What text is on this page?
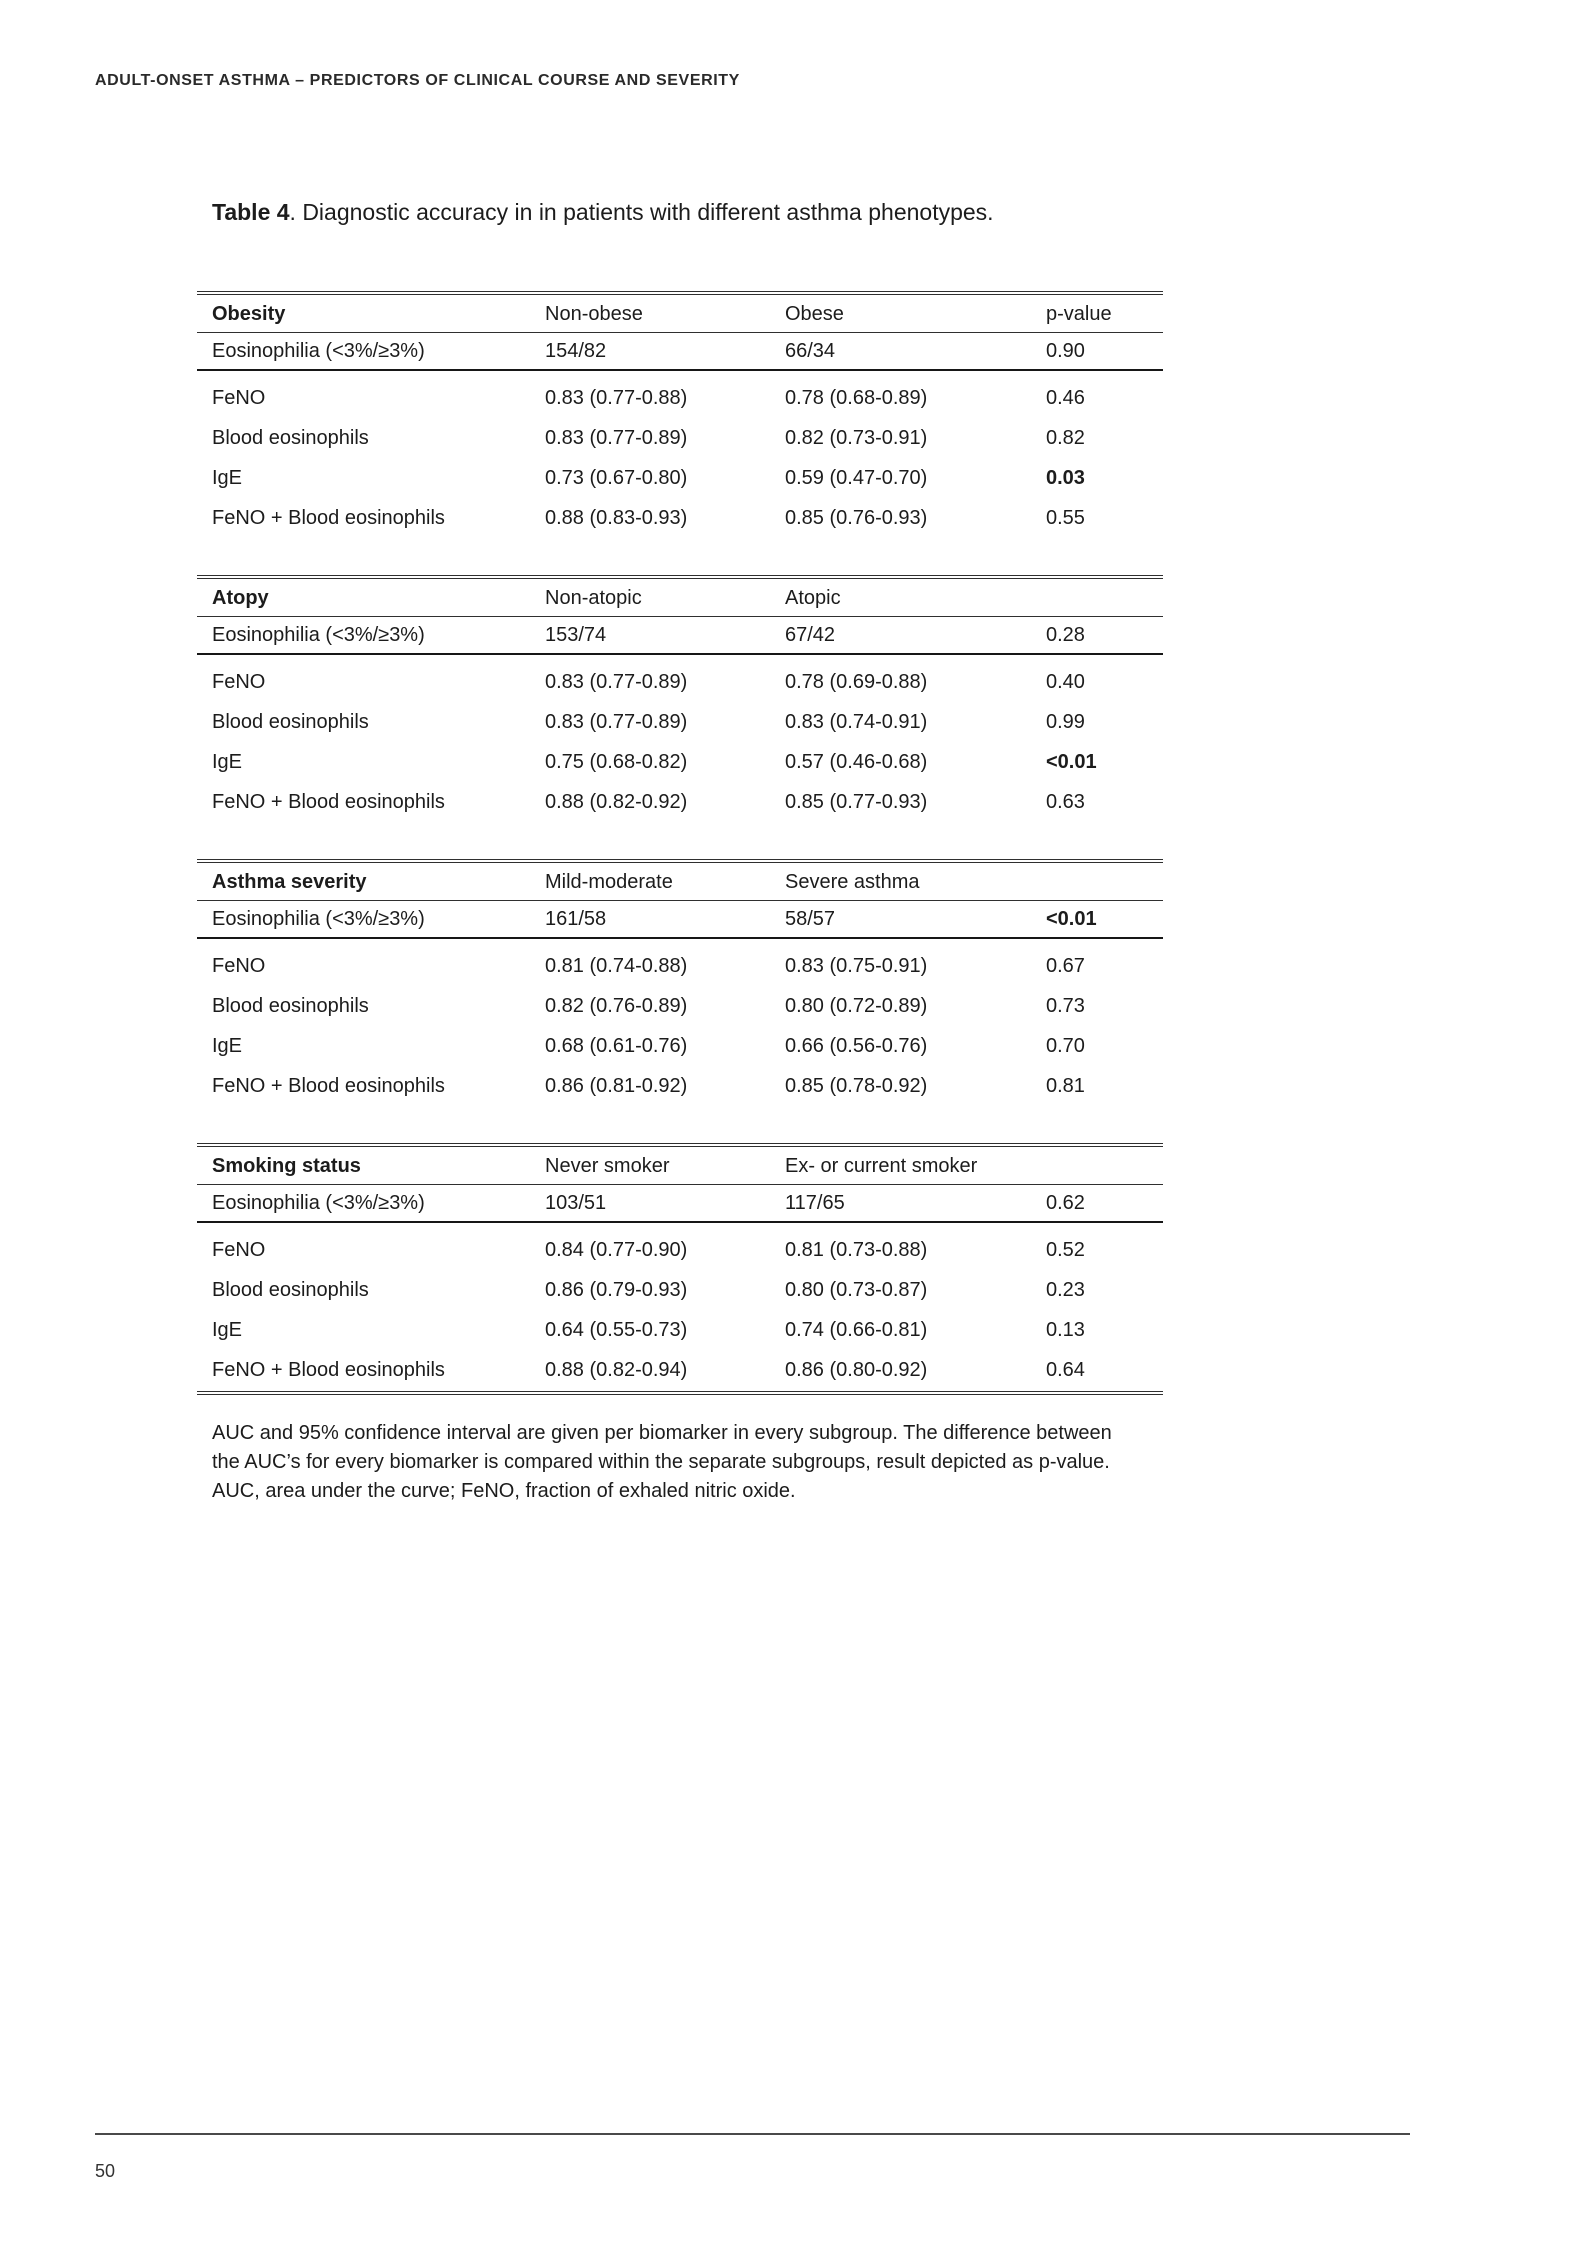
ADULT-ONSET ASTHMA – PREDICTORS OF CLINICAL COURSE AND SEVERITY
Table 4. Diagnostic accuracy in in patients with different asthma phenotypes.
Obesity	Non-obese	Obese	p-value
Eosinophilia (<3%/≥3%)	154/82	66/34	0.90
FeNO	0.83 (0.77-0.88)	0.78 (0.68-0.89)	0.46
Blood eosinophils	0.83 (0.77-0.89)	0.82 (0.73-0.91)	0.82
IgE	0.73 (0.67-0.80)	0.59 (0.47-0.70)	0.03
FeNO + Blood eosinophils	0.88 (0.83-0.93)	0.85 (0.76-0.93)	0.55
Atopy	Non-atopic	Atopic
Eosinophilia (<3%/≥3%)	153/74	67/42	0.28
FeNO	0.83 (0.77-0.89)	0.78 (0.69-0.88)	0.40
Blood eosinophils	0.83 (0.77-0.89)	0.83 (0.74-0.91)	0.99
IgE	0.75 (0.68-0.82)	0.57 (0.46-0.68)	<0.01
FeNO + Blood eosinophils	0.88 (0.82-0.92)	0.85 (0.77-0.93)	0.63
Asthma severity	Mild-moderate	Severe asthma
Eosinophilia (<3%/≥3%)	161/58	58/57	<0.01
FeNO	0.81 (0.74-0.88)	0.83 (0.75-0.91)	0.67
Blood eosinophils	0.82 (0.76-0.89)	0.80 (0.72-0.89)	0.73
IgE	0.68 (0.61-0.76)	0.66 (0.56-0.76)	0.70
FeNO + Blood eosinophils	0.86 (0.81-0.92)	0.85 (0.78-0.92)	0.81
Smoking status	Never smoker	Ex- or current smoker
Eosinophilia (<3%/≥3%)	103/51	117/65	0.62
FeNO	0.84 (0.77-0.90)	0.81 (0.73-0.88)	0.52
Blood eosinophils	0.86 (0.79-0.93)	0.80 (0.73-0.87)	0.23
IgE	0.64 (0.55-0.73)	0.74 (0.66-0.81)	0.13
FeNO + Blood eosinophils	0.88 (0.82-0.94)	0.86 (0.80-0.92)	0.64
AUC and 95% confidence interval are given per biomarker in every subgroup. The difference between the AUC’s for every biomarker is compared within the separate subgroups, result depicted as p-value. AUC, area under the curve; FeNO, fraction of exhaled nitric oxide.
50
